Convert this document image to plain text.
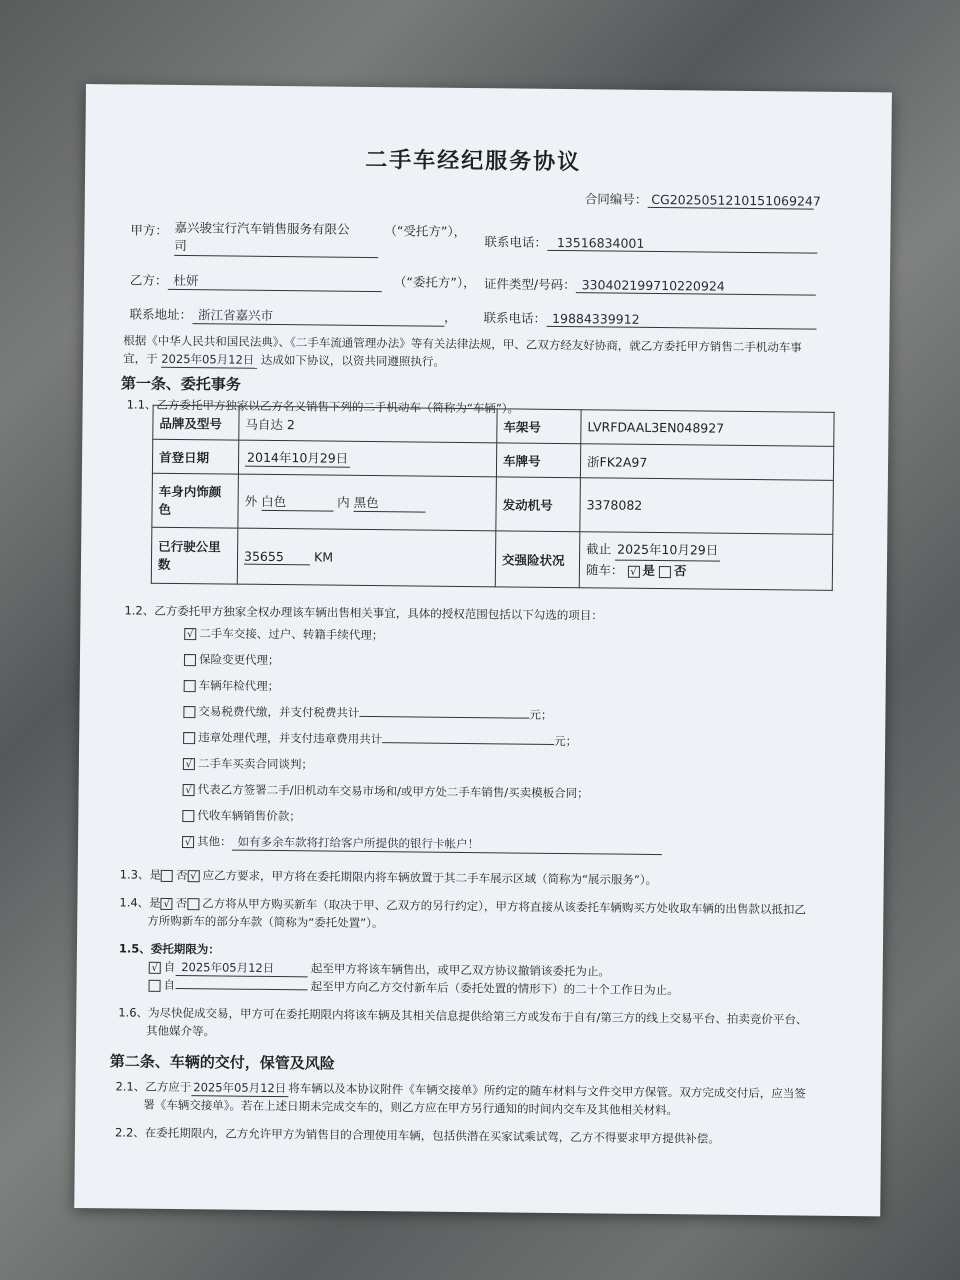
二手车经纪服务协议
合同编号： CG2025051210151069247
甲方： 嘉兴骏宝行汽车销售服务有限公
司
（“受托方”），
联系电话： 13516834001
乙方： 杜妍	（“委托方”）， 证件类型/号码： 330402199710220924
联系地址： 浙江省嘉兴市	， 联系电话： 19884339912
根据《中华人民共和国民法典》、《二手车流通管理办法》等有关法律法规，甲、乙双方经友好协商，就乙方委托甲方销售二手机动车事
宜，于 2025年05月12日 达成如下协议，以资共同遵照执行。
第一条、委托事务
1.1、乙方委托甲方独家以乙方名义销售下列的二手机动车（简称为“车辆”）。
品牌及型号	马自达 2	车架号	LVRFDAAL3EN048927
首登日期	2014年10月29日	车牌号	浙FK2A97
车身内饰颜色	外 白色 内 黑色	发动机号	3378082
已行驶公里数	35655 KM	交强险状况	截止 2025年10月29日
随车： √ 是 否
1.2、乙方委托甲方独家全权办理该车辆出售相关事宜，具体的授权范围包括以下勾选的项目：
√ 二手车交接、过户、转籍手续代理；
保险变更代理；
车辆年检代理；
交易税费代缴，并支付税费共计	元；
违章处理代理，并支付违章费用共计	元；
√ 二手车买卖合同谈判；
√ 代表乙方签署二手/旧机动车交易市场和/或甲方处二手车销售/买卖模板合同；
代收车辆销售价款；
√ 其他： 如有多余车款将打给客户所提供的银行卡帐户！
1.3、是 否 √ 应乙方要求，甲方将在委托期限内将车辆放置于其二手车展示区域（简称为“展示服务”）。
1.4、是 √ 否 乙方将从甲方购买新车（取决于甲、乙双方的另行约定），甲方将直接从该委托车辆购买方处收取车辆的出售款以抵扣乙
方所购新车的部分车款（简称为“委托处置”）。
1.5、委托期限为：
√ 自 2025年05月12日	起至甲方将该车辆售出，或甲乙双方协议撤销该委托为止。
自	起至甲方向乙方交付新车后（委托处置的情形下）的二十个工作日为止。
1.6、为尽快促成交易，甲方可在委托期限内将该车辆及其相关信息提供给第三方或发布于自有/第三方的线上交易平台、拍卖竞价平台、
其他媒介等。
第二条、车辆的交付，保管及风险
2.1、乙方应于 2025年05月12日 将车辆以及本协议附件《车辆交接单》所约定的随车材料与文件交甲方保管。双方完成交付后，应当签
署《车辆交接单》。若在上述日期未完成交车的，则乙方应在甲方另行通知的时间内交车及其他相关材料。
2.2、在委托期限内，乙方允许甲方为销售目的合理使用车辆，包括供潜在买家试乘试驾，乙方不得要求甲方提供补偿。
